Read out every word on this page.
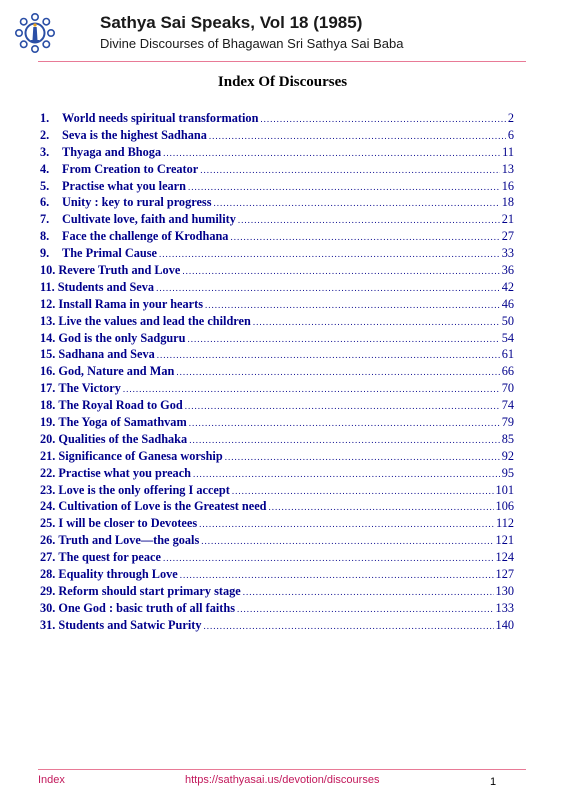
Sathya Sai Speaks, Vol 18 (1985)
Divine Discourses of Bhagawan Sri Sathya Sai Baba
Index Of Discourses
1.	World needs spiritual transformation .....	2
2.	Seva is the highest Sadhana .....	6
3.	Thyaga and Bhoga .....	11
4.	From Creation to Creator .....	13
5.	Practise what you learn .....	16
6.	Unity : key to rural progress .....	18
7.	Cultivate love, faith and humility .....	21
8.	Face the challenge of Krodhana .....	27
9.	The Primal Cause .....	33
10. Revere Truth and Love .....	36
11. Students and Seva .....	42
12. Install Rama in your hearts .....	46
13. Live the values and lead the children .....	50
14. God is the only Sadguru .....	54
15. Sadhana and Seva .....	61
16. God, Nature and Man .....	66
17. The Victory .....	70
18. The Royal Road to God .....	74
19. The Yoga of Samathvam .....	79
20. Qualities of the Sadhaka .....	85
21. Significance of Ganesa worship .....	92
22. Practise what you preach .....	95
23. Love is the only offering I accept .....	101
24. Cultivation of Love is the Greatest need .....	106
25. I will be closer to Devotees .....	112
26. Truth and Love—the goals .....	121
27. The quest for peace .....	124
28. Equality through Love .....	127
29. Reform should start primary stage .....	130
30. One God : basic truth of all faiths .....	133
31. Students and Satwic Purity .....	140
Index	https://sathyasai.us/devotion/discourses	1
